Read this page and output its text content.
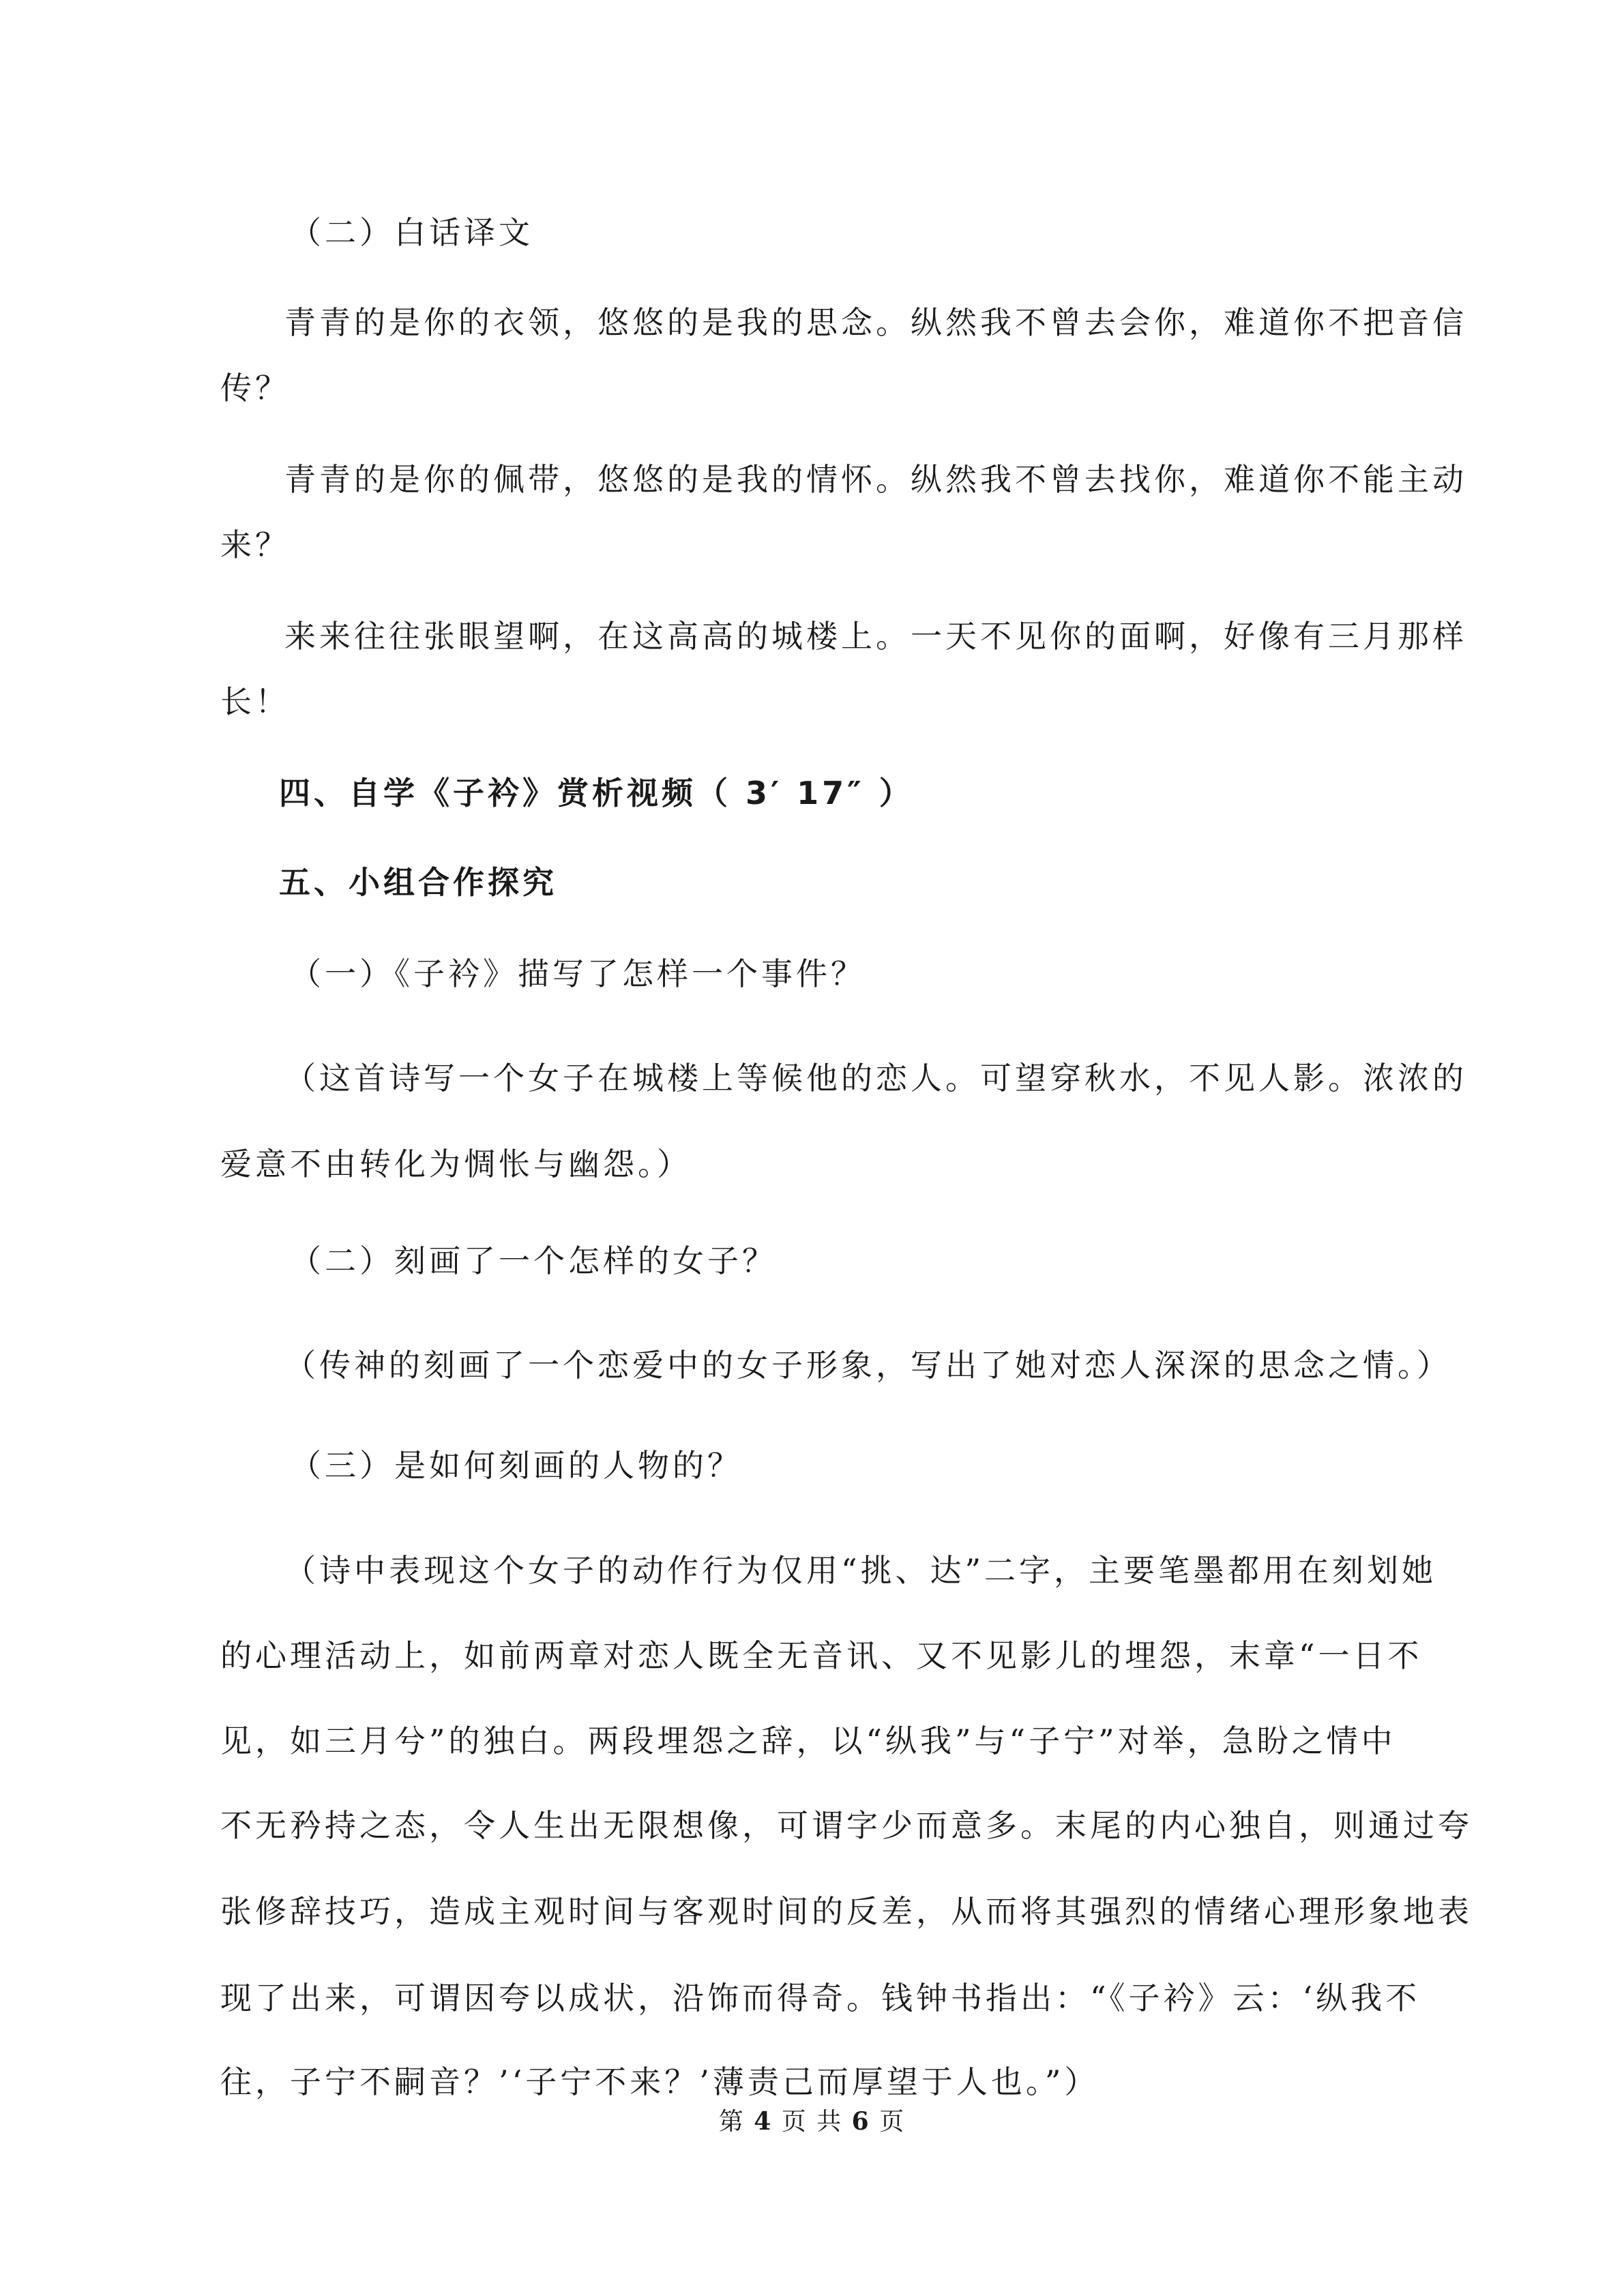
（二）白话译文
青青的是你的衣领，悠悠的是我的思念。纵然我不曾去会你，难道你不把音信
传？
青青的是你的佩带，悠悠的是我的情怀。纵然我不曾去找你，难道你不能主动
来？
来来往往张眼望啊，在这高高的城楼上。一天不见你的面啊，好像有三月那样
长！
四、自学《子衿》赏析视频（ 3′ 17″ ）
五、小组合作探究
（一）《子衿》描写了怎样一个事件？
（这首诗写一个女子在城楼上等候他的恋人。可望穿秋水，不见人影。浓浓的
爱意不由转化为惆怅与幽怨。）
（二）刻画了一个怎样的女子？
（传神的刻画了一个恋爱中的女子形象，写出了她对恋人深深的思念之情。）
（三）是如何刻画的人物的？
（诗中表现这个女子的动作行为仅用“挑、达”二字，主要笔墨都用在刻划她
的心理活动上，如前两章对恋人既全无音讯、又不见影儿的埋怨，末章“一日不
见，如三月兮”的独白。两段埋怨之辞，以“纵我”与“子宁”对举，急盼之情中
不无矜持之态，令人生出无限想像，可谓字少而意多。末尾的内心独自，则通过夸
张修辞技巧，造成主观时间与客观时间的反差，从而将其强烈的情绪心理形象地表
现了出来，可谓因夸以成状，沿饰而得奇。钱钟书指出：“《子衿》云：‘纵我不
往，子宁不嗣音？’‘子宁不来？’薄责己而厚望于人也。”）
第 4 页 共 6 页
